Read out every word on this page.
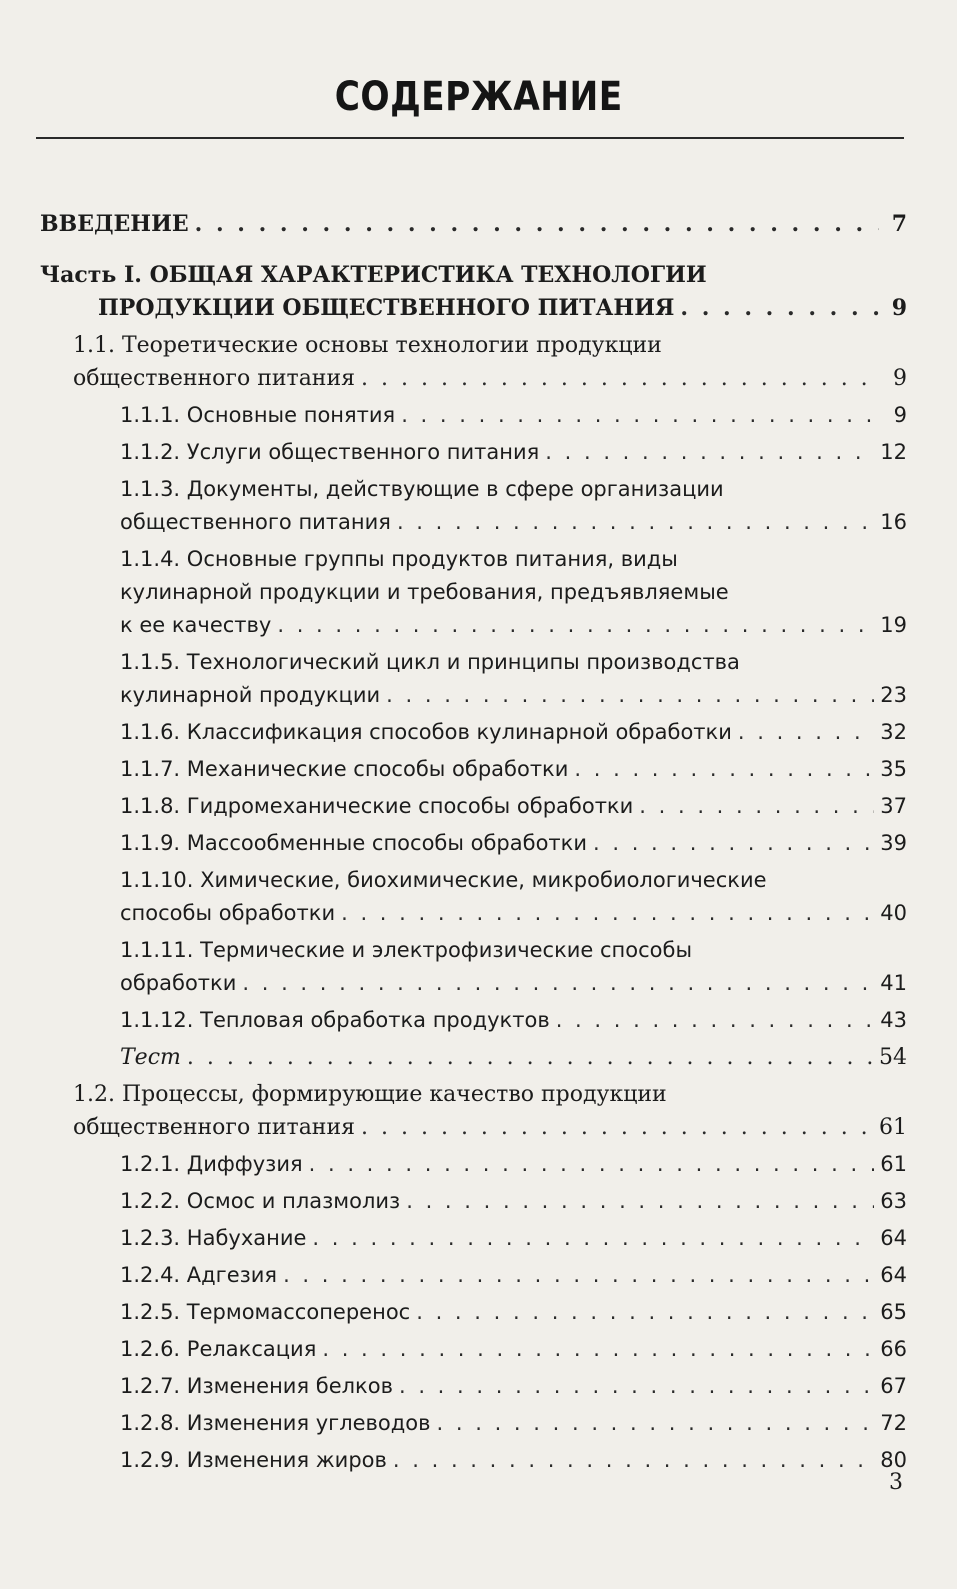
СОДЕРЖАНИЕ
ВВЕДЕНИЕ . . .	7
Часть I. ОБЩАЯ ХАРАКТЕРИСТИКА ТЕХНОЛОГИИ
ПРОДУКЦИИ ОБЩЕСТВЕННОГО ПИТАНИЯ . . .	9
1.1. Теоретические основы технологии продукции
общественного питания . . .	9
1.1.1. Основные понятия . . .	9
1.1.2. Услуги общественного питания . . .	12
1.1.3. Документы, действующие в сфере организации
общественного питания . . .	16
1.1.4. Основные группы продуктов питания, виды
кулинарной продукции и требования, предъявляемые
к ее качеству . . .	19
1.1.5. Технологический цикл и принципы производства
кулинарной продукции . . .	23
1.1.6. Классификация способов кулинарной обработки . . .	32
1.1.7. Механические способы обработки . . .	35
1.1.8. Гидромеханические способы обработки . . .	37
1.1.9. Массообменные способы обработки . . .	39
1.1.10. Химические, биохимические, микробиологические
способы обработки . . .	40
1.1.11. Термические и электрофизические способы
обработки . . .	41
1.1.12. Тепловая обработка продуктов . . .	43
Тест . . .	54
1.2. Процессы, формирующие качество продукции
общественного питания . . .	61
1.2.1. Диффузия . . .	61
1.2.2. Осмос и плазмолиз . . .	63
1.2.3. Набухание . . .	64
1.2.4. Адгезия . . .	64
1.2.5. Термомассоперенос . . .	65
1.2.6. Релаксация . . .	66
1.2.7. Изменения белков . . .	67
1.2.8. Изменения углеводов . . .	72
1.2.9. Изменения жиров . . .	80
3
